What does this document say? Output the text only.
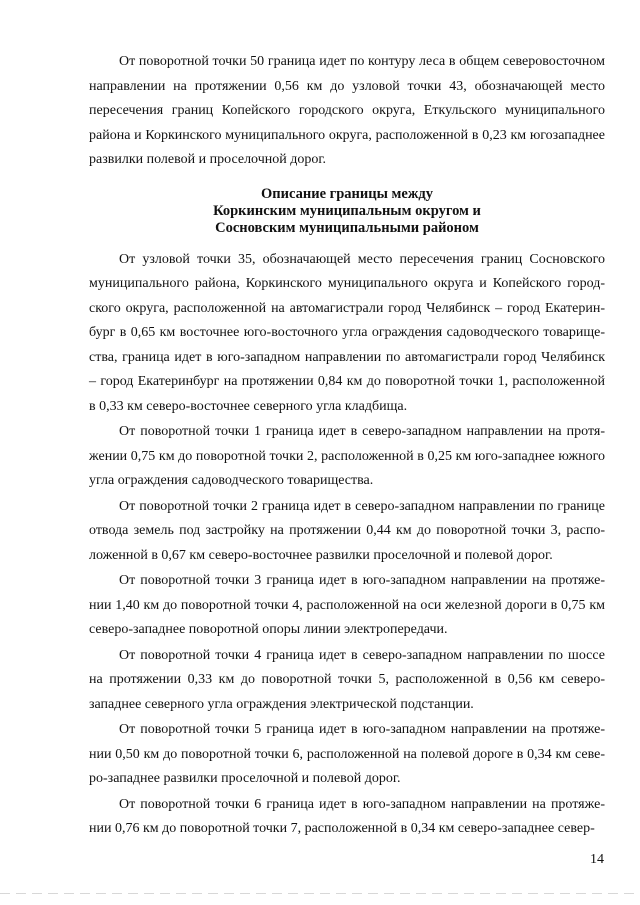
От поворотной точки 50 граница идет по контуру леса в общем северовосточном направлении на протяжении 0,56 км до узловой точки 43, обозначающей место пересечения границ Копейского городского округа, Еткульского муниципального района и Коркинского муниципального округа, расположенной в 0,23 км югозападнее развилки полевой и проселочной дорог.

Описание границы между
Коркинским муниципальным округом и
Сосновским муниципальными районом

От узловой точки 35, обозначающей место пересечения границ Сосновского муниципального района, Коркинского муниципального округа и Копейского городского округа, расположенной на автомагистрали город Челябинск – город Екатеринбург в 0,65 км восточнее юго-восточного угла ограждения садоводческого товарищества, граница идет в юго-западном направлении по автомагистрали город Челябинск – город Екатеринбург на протяжении 0,84 км до поворотной точки 1, расположенной в 0,33 км северо-восточнее северного угла кладбища.

От поворотной точки 1 граница идет в северо-западном направлении на протяжении 0,75 км до поворотной точки 2, расположенной в 0,25 км юго-западнее южного угла ограждения садоводческого товарищества.

От поворотной точки 2 граница идет в северо-западном направлении по границе отвода земель под застройку на протяжении 0,44 км до поворотной точки 3, расположенной в 0,67 км северо-восточнее развилки проселочной и полевой дорог.

От поворотной точки 3 граница идет в юго-западном направлении на протяжении 1,40 км до поворотной точки 4, расположенной на оси железной дороги в 0,75 км северо-западнее поворотной опоры линии электропередачи.

От поворотной точки 4 граница идет в северо-западном направлении по шоссе на протяжении 0,33 км до поворотной точки 5, расположенной в 0,56 км северозападнее северного угла ограждения электрической подстанции.

От поворотной точки 5 граница идет в юго-западном направлении на протяжении 0,50 км до поворотной точки 6, расположенной на полевой дороге в 0,34 км северо-западнее развилки проселочной и полевой дорог.

От поворотной точки 6 граница идет в юго-западном направлении на протяжении 0,76 км до поворотной точки 7, расположенной в 0,34 км северо-западнее север-

14
